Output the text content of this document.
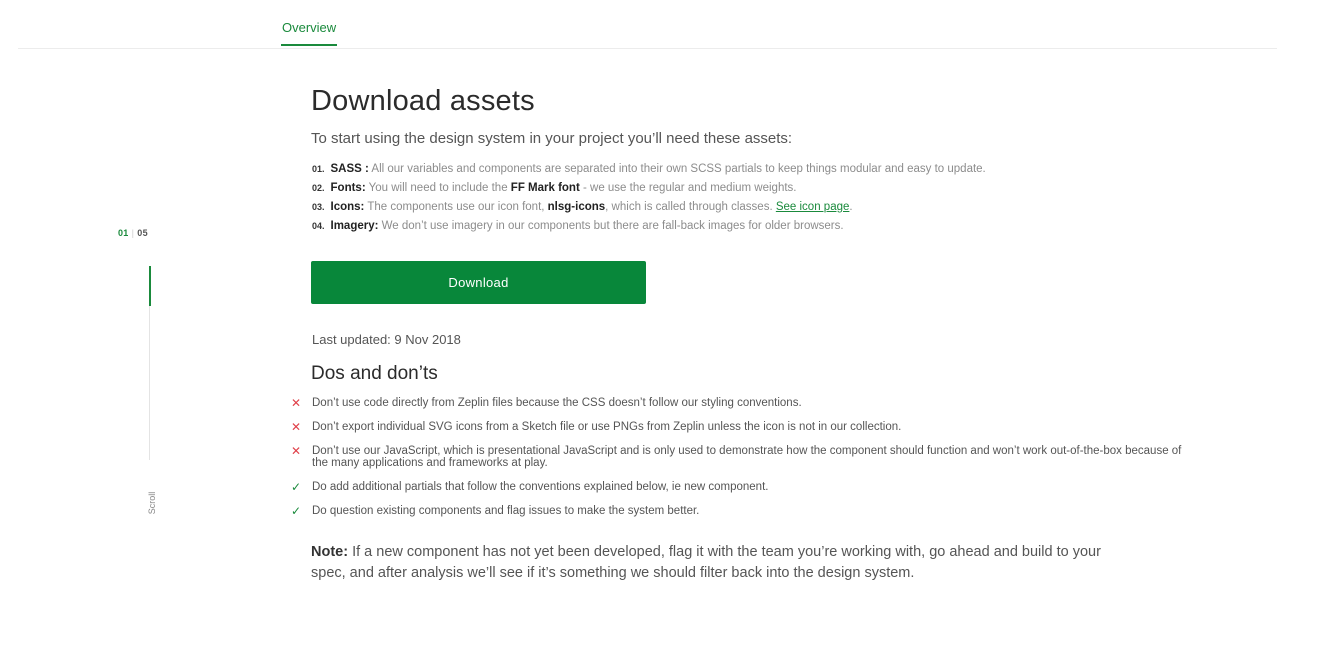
Overview
01 | 05
Scroll
Download assets
To start using the design system in your project you’ll need these assets:
01. SASS : All our variables and components are separated into their own SCSS partials to keep things modular and easy to update.
02. Fonts: You will need to include the FF Mark font - we use the regular and medium weights.
03. Icons: The components use our icon font, nlsg-icons, which is called through classes. See icon page.
04. Imagery: We don’t use imagery in our components but there are fall-back images for older browsers.
Download
Last updated: 9 Nov 2018
Dos and don’ts
✕ Don’t use code directly from Zeplin files because the CSS doesn’t follow our styling conventions.
✕ Don’t export individual SVG icons from a Sketch file or use PNGs from Zeplin unless the icon is not in our collection.
✕ Don’t use our JavaScript, which is presentational JavaScript and is only used to demonstrate how the component should function and won’t work out-of-the-box because of the many applications and frameworks at play.
✓ Do add additional partials that follow the conventions explained below, ie new component.
✓ Do question existing components and flag issues to make the system better.
Note: If a new component has not yet been developed, flag it with the team you’re working with, go ahead and build to your spec, and after analysis we’ll see if it’s something we should filter back into the design system.
